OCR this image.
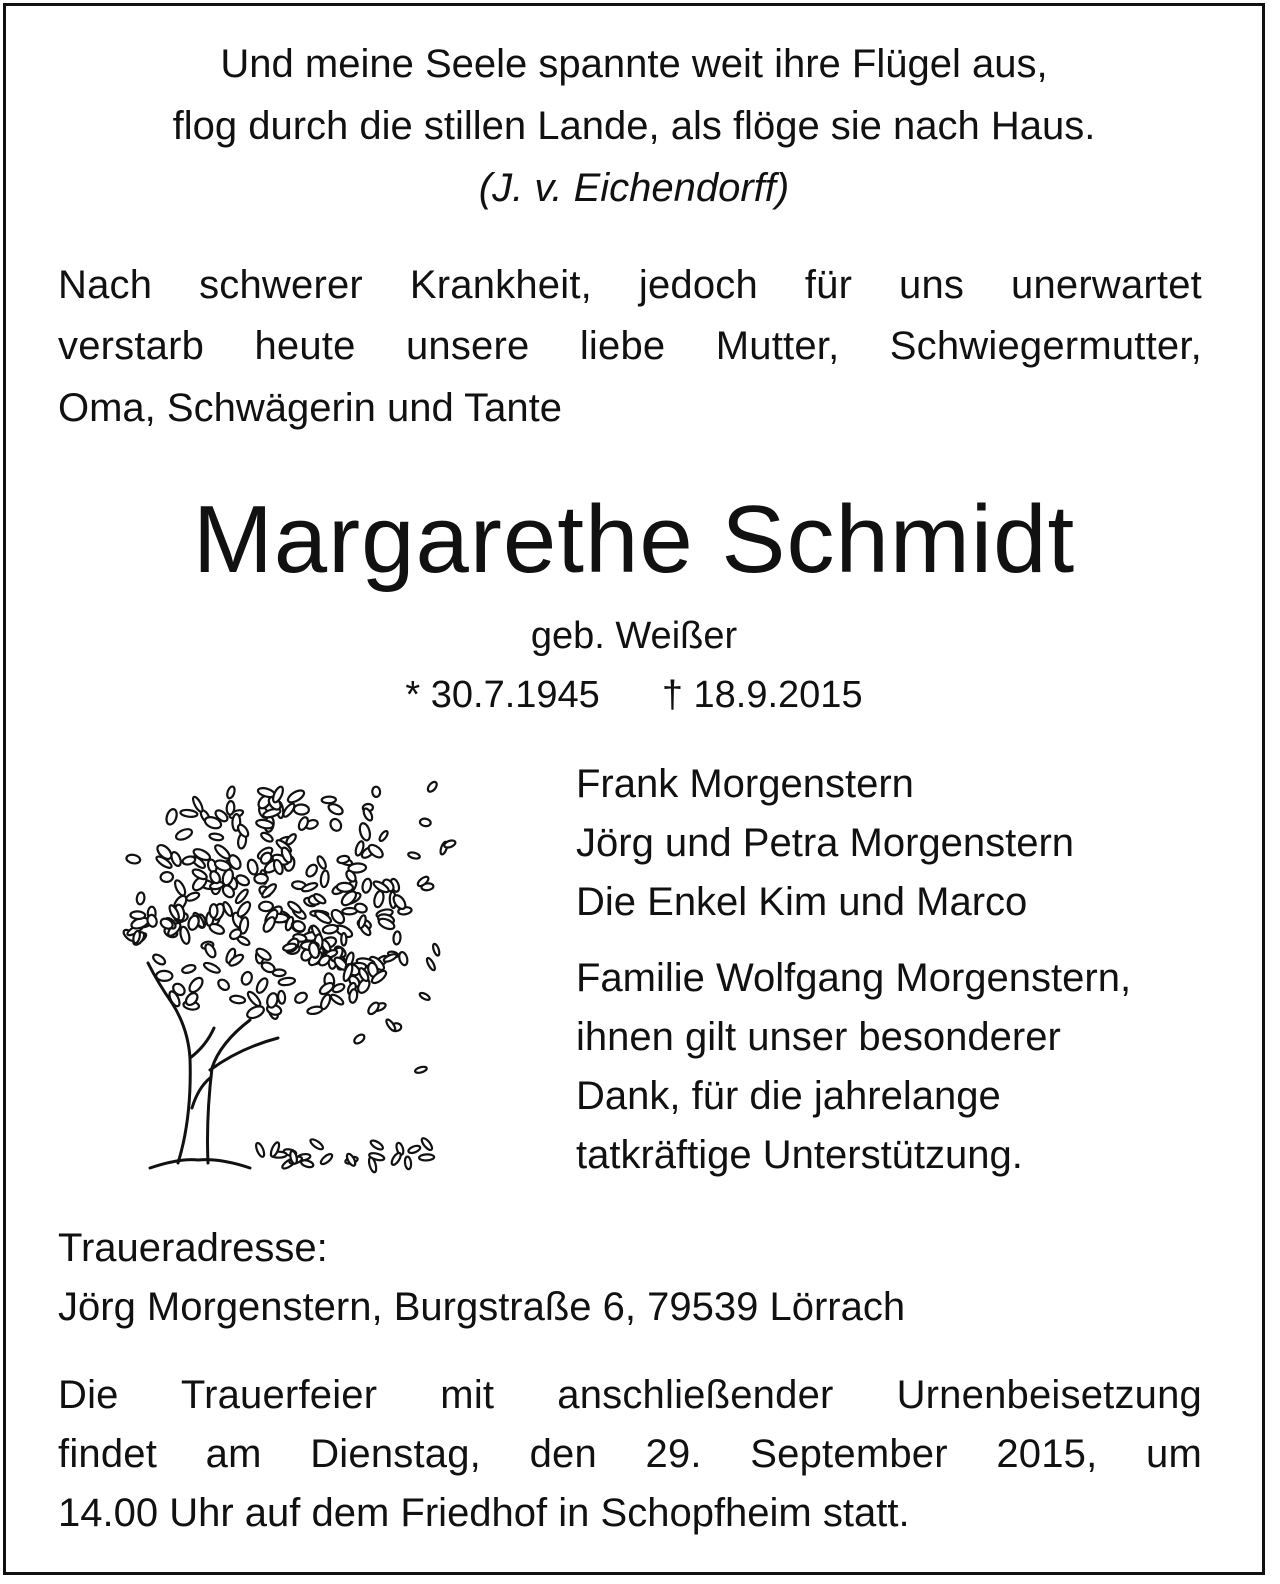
Und meine Seele spannte weit ihre Flügel aus,
flog durch die stillen Lande, als flöge sie nach Haus.
(J. v. Eichendorff)
Nach schwerer Krankheit, jedoch für uns unerwartet
verstarb heute unsere liebe Mutter, Schwiegermutter,
Oma, Schwägerin und Tante
Margarethe Schmidt
geb. Weißer
* 30.7.1945 † 18.9.2015
Frank Morgenstern
Jörg und Petra Morgenstern
Die Enkel Kim und Marco
Familie Wolfgang Morgenstern,
ihnen gilt unser besonderer
Dank, für die jahrelange
tatkräftige Unterstützung.
Traueradresse:
Jörg Morgenstern, Burgstraße 6, 79539 Lörrach
Die Trauerfeier mit anschließender Urnenbeisetzung
findet am Dienstag, den 29. September 2015, um
14.00 Uhr auf dem Friedhof in Schopfheim statt.
